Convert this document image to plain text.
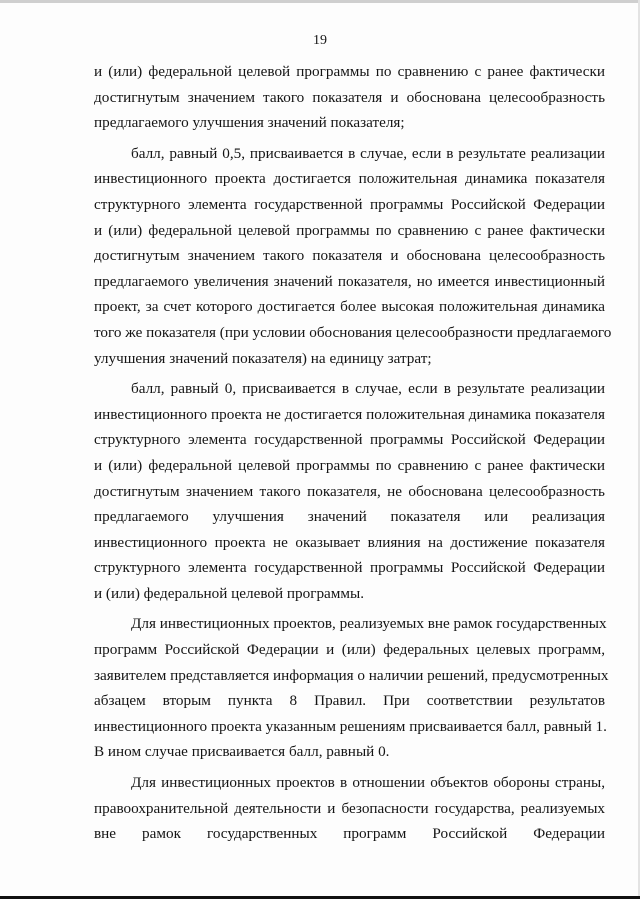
19
и (или) федеральной целевой программы по сравнению с ранее фактически
достигнутым значением такого показателя и обоснована целесообразность
предлагаемого улучшения значений показателя;
балл, равный 0,5, присваивается в случае, если в результате реализации
инвестиционного проекта достигается положительная динамика показателя
структурного элемента государственной программы Российской Федерации
и (или) федеральной целевой программы по сравнению с ранее фактически
достигнутым значением такого показателя и обоснована целесообразность
предлагаемого увеличения значений показателя, но имеется инвестиционный
проект, за счет которого достигается более высокая положительная динамика
того же показателя (при условии обоснования целесообразности предлагаемого
улучшения значений показателя) на единицу затрат;
балл, равный 0, присваивается в случае, если в результате реализации
инвестиционного проекта не достигается положительная динамика показателя
структурного элемента государственной программы Российской Федерации
и (или) федеральной целевой программы по сравнению с ранее фактически
достигнутым значением такого показателя, не обоснована целесообразность
предлагаемого улучшения значений показателя или реализация
инвестиционного проекта не оказывает влияния на достижение показателя
структурного элемента государственной программы Российской Федерации
и (или) федеральной целевой программы.
Для инвестиционных проектов, реализуемых вне рамок государственных
программ Российской Федерации и (или) федеральных целевых программ,
заявителем представляется информация о наличии решений, предусмотренных
абзацем вторым пункта 8 Правил. При соответствии результатов
инвестиционного проекта указанным решениям присваивается балл, равный 1.
В ином случае присваивается балл, равный 0.
Для инвестиционных проектов в отношении объектов обороны страны,
правоохранительной деятельности и безопасности государства, реализуемых
вне рамок государственных программ Российской Федерации
